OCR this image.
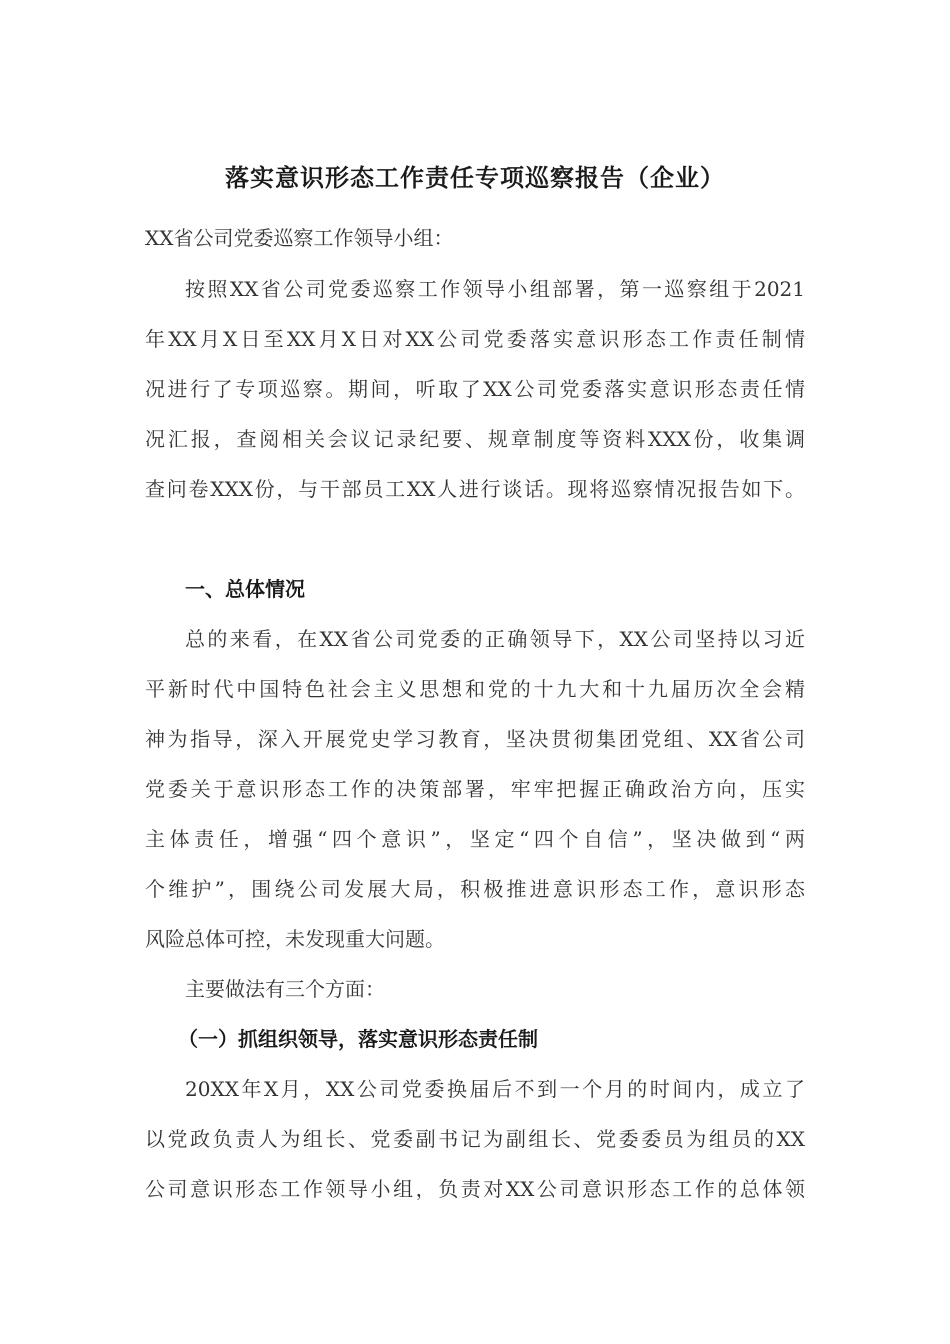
落实意识形态工作责任专项巡察报告（企业）
XX省公司党委巡察工作领导小组：
按照XX省公司党委巡察工作领导小组部署，第一巡察组于2021
年XX月X日至XX月X日对XX公司党委落实意识形态工作责任制情
况进行了专项巡察。期间，听取了XX公司党委落实意识形态责任情
况汇报，查阅相关会议记录纪要、规章制度等资料XXX份，收集调
查问卷XXX份，与干部员工XX人进行谈话。现将巡察情况报告如下。
一、总体情况
总的来看，在XX省公司党委的正确领导下，XX公司坚持以习近
平新时代中国特色社会主义思想和党的十九大和十九届历次全会精
神为指导，深入开展党史学习教育，坚决贯彻集团党组、XX省公司
党委关于意识形态工作的决策部署，牢牢把握正确政治方向，压实
主体责任，增强“四个意识”，坚定“四个自信”，坚决做到“两
个维护”，围绕公司发展大局，积极推进意识形态工作，意识形态
风险总体可控，未发现重大问题。
主要做法有三个方面：
（一）抓组织领导，落实意识形态责任制
20XX年X月，XX公司党委换届后不到一个月的时间内，成立了
以党政负责人为组长、党委副书记为副组长、党委委员为组员的XX
公司意识形态工作领导小组，负责对XX公司意识形态工作的总体领
